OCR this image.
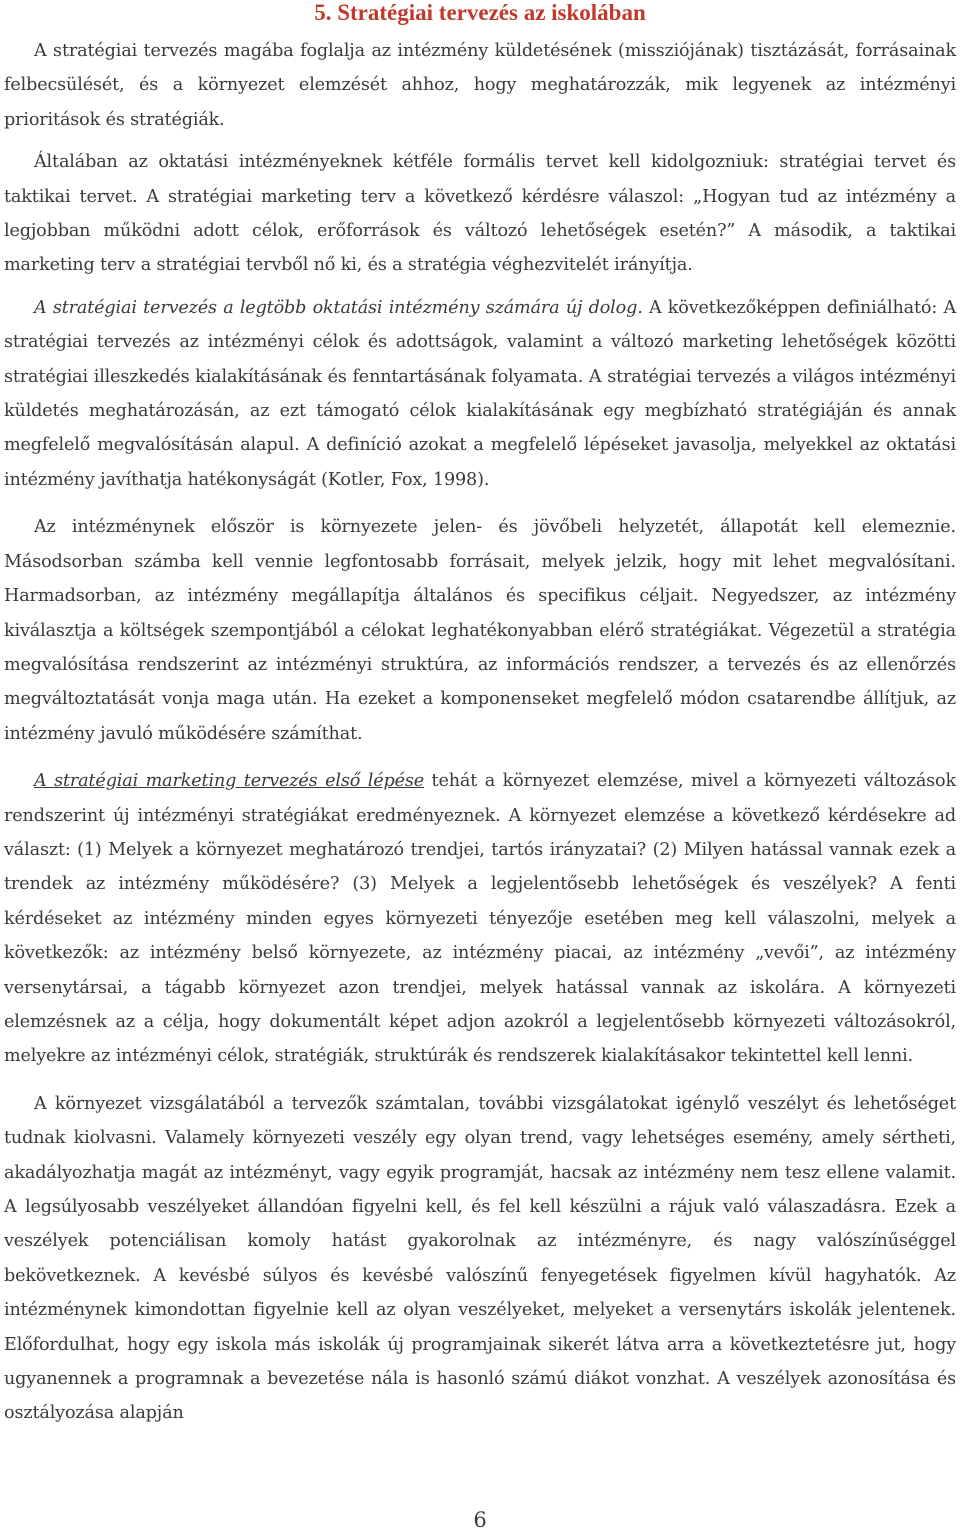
5. Stratégiai tervezés az iskolában

A stratégiai tervezés magába foglalja az intézmény küldetésének (missziójának) tisztázását, forrásainak felbecsülését, és a környezet elemzését ahhoz, hogy meghatározzák, mik legyenek az intézményi prioritások és stratégiák.

Általában az oktatási intézményeknek kétféle formális tervet kell kidolgozniuk: stratégiai tervet és taktikai tervet. A stratégiai marketing terv a következő kérdésre válaszol: „Hogyan tud az intézmény a legjobban működni adott célok, erőforrások és változó lehetőségek esetén?” A második, a taktikai marketing terv a stratégiai tervből nő ki, és a stratégia véghezvitelét irányítja.

A stratégiai tervezés a legtöbb oktatási intézmény számára új dolog. A következőképpen definiálható: A stratégiai tervezés az intézményi célok és adottságok, valamint a változó marketing lehetőségek közötti stratégiai illeszkedés kialakításának és fenntartásának folyamata. A stratégiai tervezés a világos intézményi küldetés meghatározásán, az ezt támogató célok kialakításának egy megbízható stratégiáján és annak megfelelő megvalósításán alapul. A definíció azokat a megfelelő lépéseket javasolja, melyekkel az oktatási intézmény javíthatja hatékonyságát (Kotler, Fox, 1998).

Az intézménynek először is környezete jelen- és jövőbeli helyzetét, állapotát kell elemeznie. Másodsorban számba kell vennie legfontosabb forrásait, melyek jelzik, hogy mit lehet megvalósítani. Harmadsorban, az intézmény megállapítja általános és specifikus céljait. Negyedszer, az intézmény kiválasztja a költségek szempontjából a célokat leghatékonyabban elérő stratégiákat. Végezetül a stratégia megvalósítása rendszerint az intézményi struktúra, az információs rendszer, a tervezés és az ellenőrzés megváltoztatását vonja maga után. Ha ezeket a komponenseket megfelelő módon csatarendbe állítjuk, az intézmény javuló működésére számíthat.

A stratégiai marketing tervezés első lépése tehát a környezet elemzése, mivel a környezeti változások rendszerint új intézményi stratégiákat eredményeznek. A környezet elemzése a következő kérdésekre ad választ: (1) Melyek a környezet meghatározó trendjei, tartós irányzatai? (2) Milyen hatással vannak ezek a trendek az intézmény működésére? (3) Melyek a legjelentősebb lehetőségek és veszélyek? A fenti kérdéseket az intézmény minden egyes környezeti tényezője esetében meg kell válaszolni, melyek a következők: az intézmény belső környezete, az intézmény piacai, az intézmény „vevői”, az intézmény versenytársai, a tágabb környezet azon trendjei, melyek hatással vannak az iskolára. A környezeti elemzésnek az a célja, hogy dokumentált képet adjon azokról a legjelentősebb környezeti változásokról, melyekre az intézményi célok, stratégiák, struktúrák és rendszerek kialakításakor tekintettel kell lenni.

A környezet vizsgálatából a tervezők számtalan, további vizsgálatokat igénylő veszélyt és lehetőséget tudnak kiolvasni. Valamely környezeti veszély egy olyan trend, vagy lehetséges esemény, amely sértheti, akadályozhatja magát az intézményt, vagy egyik programját, hacsak az intézmény nem tesz ellene valamit. A legsúlyosabb veszélyeket állandóan figyelni kell, és fel kell készülni a rájuk való válaszadásra. Ezek a veszélyek potenciálisan komoly hatást gyakorolnak az intézményre, és nagy valószínűséggel bekövetkeznek. A kevésbé súlyos és kevésbé valószínű fenyegetések figyelmen kívül hagyhatók. Az intézménynek kimondottan figyelnie kell az olyan veszélyeket, melyeket a versenytárs iskolák jelentenek. Előfordulhat, hogy egy iskola más iskolák új programjainak sikerét látva arra a következtetésre jut, hogy ugyanennek a programnak a bevezetése nála is hasonló számú diákot vonzhat. A veszélyek azonosítása és osztályozása alapján

6
